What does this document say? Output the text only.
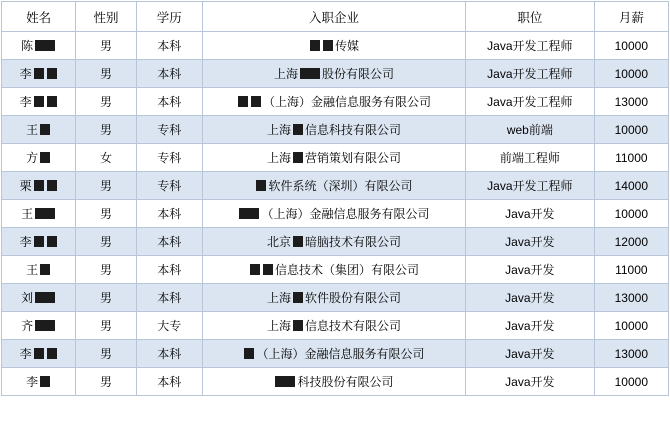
姓名	性别	学历	入职企业	职位	月薪

陈	男	本科	传媒	Java开发工程师	10000

李	男	本科	上海 股份有限公司	Java开发工程师	10000

李	男	本科	（上海）金融信息服务有限公司	Java开发工程师	13000

王	男	专科	上海 信息科技有限公司	web前端	10000

方	女	专科	上海 营销策划有限公司	前端工程师	11000

栗	男	专科	软件系统（深圳）有限公司	Java开发工程师	14000

王	男	本科	（上海）金融信息服务有限公司	Java开发	10000

李	男	本科	北京 暗脑技术有限公司	Java开发	12000

王	男	本科	信息技术（集团）有限公司	Java开发	11000

刘	男	本科	上海 软件股份有限公司	Java开发	13000

齐	男	大专	上海 信息技术有限公司	Java开发	10000

李	男	本科	（上海）金融信息服务有限公司	Java开发	13000

李	男	本科	科技股份有限公司	Java开发	10000
